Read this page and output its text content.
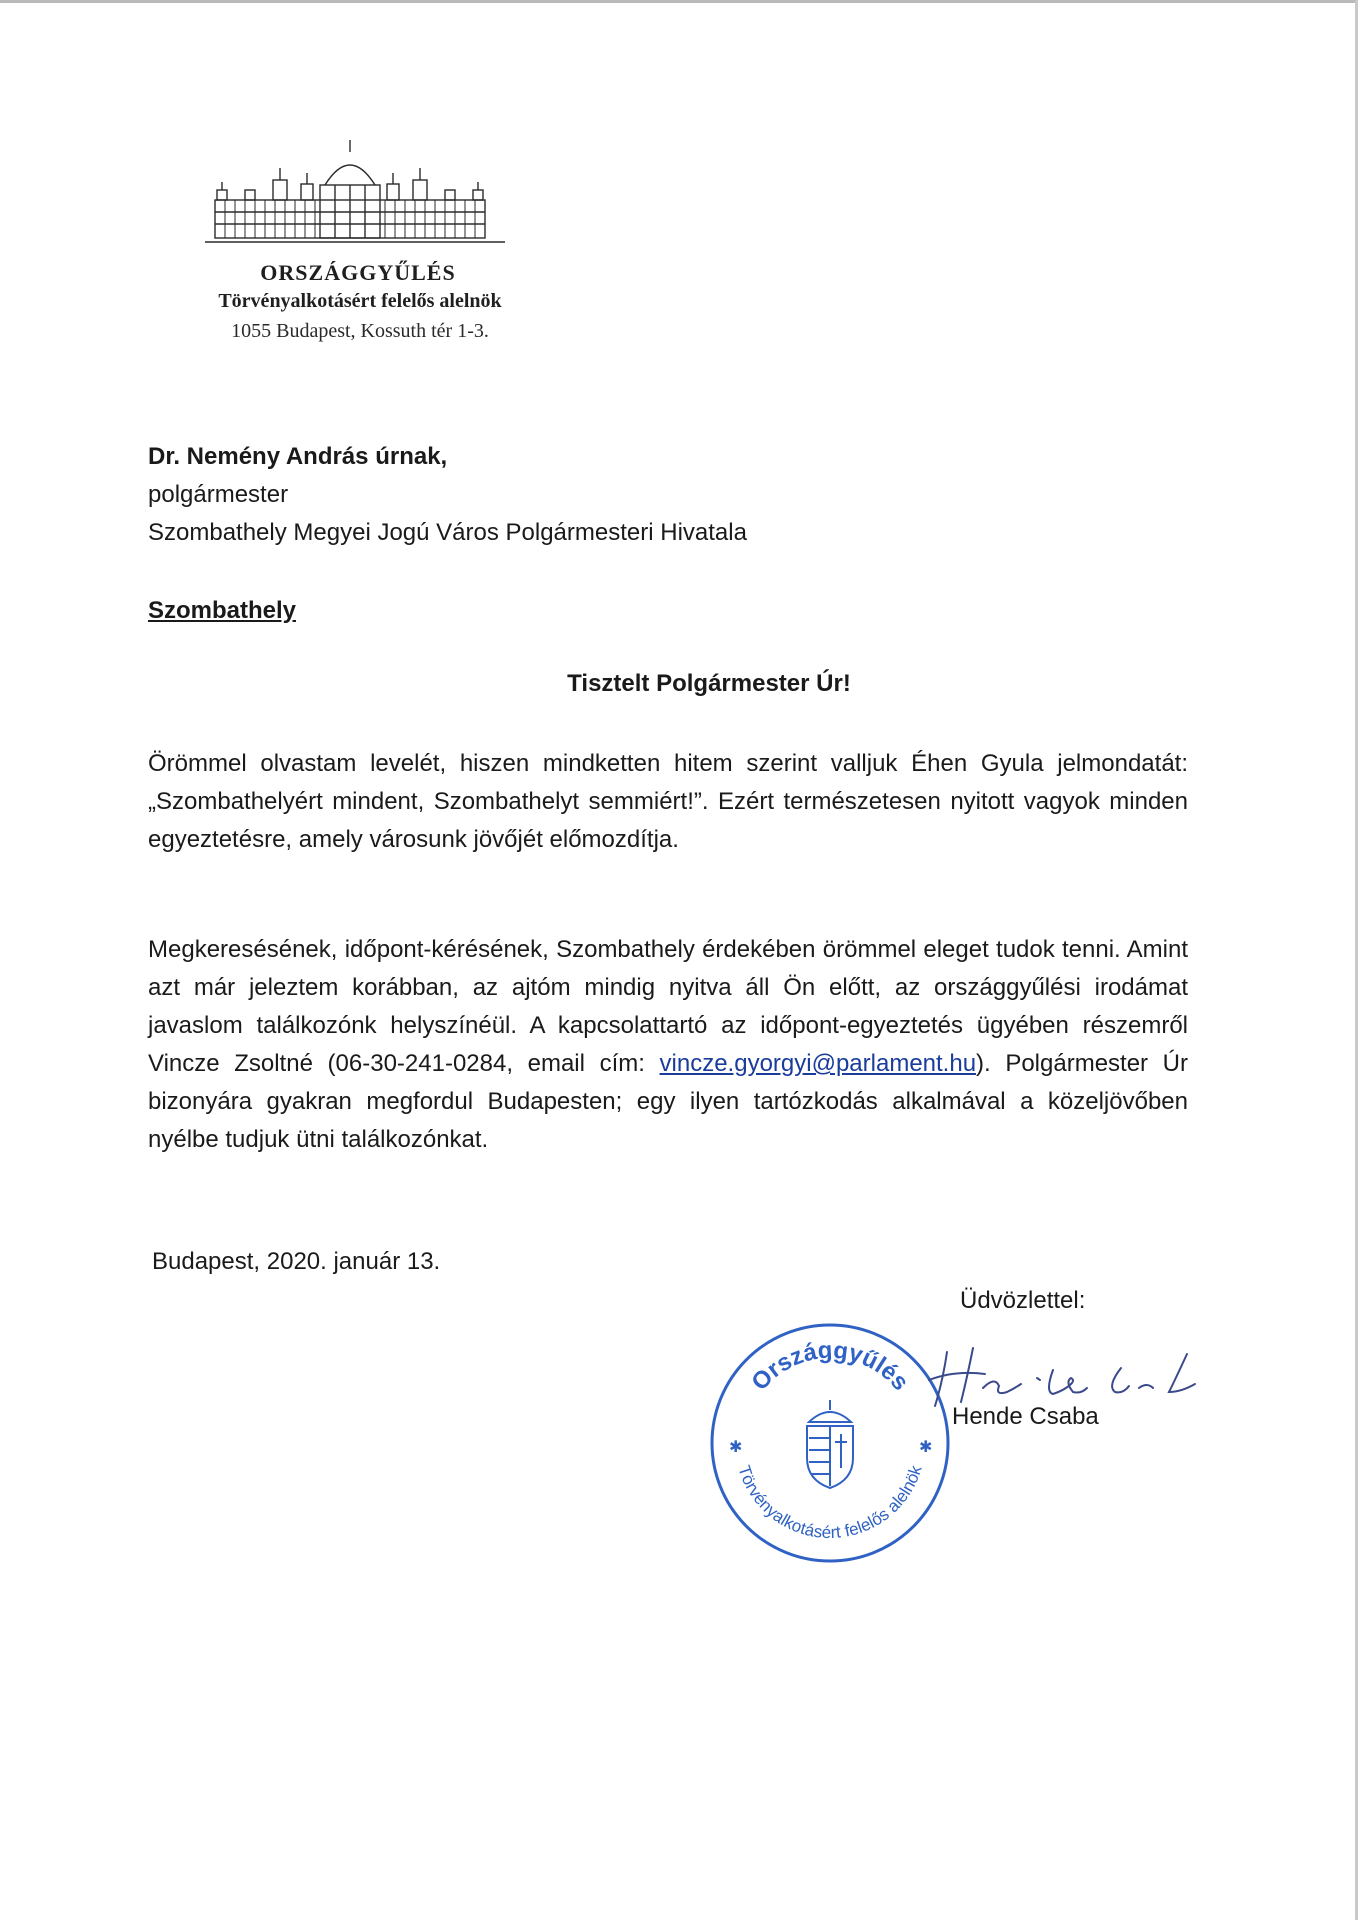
ORSZÁGGYŰLÉS
Törvényalkotásért felelős alelnök
1055 Budapest, Kossuth tér 1-3.
Dr. Nemény András úrnak,
polgármester
Szombathely Megyei Jogú Város Polgármesteri Hivatala
Szombathely
Tisztelt Polgármester Úr!

Örömmel olvastam levelét, hiszen mindketten hitem szerint valljuk Éhen Gyula jelmondatát: „Szombathelyért mindent, Szombathelyt semmiért!”. Ezért természetesen nyitott vagyok minden egyeztetésre, amely városunk jövőjét előmozdítja.

Megkeresésének, időpont-kérésének, Szombathely érdekében örömmel eleget tudok tenni. Amint azt már jeleztem korábban, az ajtóm mindig nyitva áll Ön előtt, az országgyűlési irodámat javaslom találkozónk helyszínéül. A kapcsolattartó az időpont-egyeztetés ügyében részemről Vincze Zsoltné (06-30-241-0284, email cím: vincze.gyorgyi@parlament.hu). Polgármester Úr bizonyára gyakran megfordul Budapesten; egy ilyen tartózkodás alkalmával a közeljövőben nyélbe tudjuk ütni találkozónkat.

Budapest, 2020. január 13.
Üdvözlettel:
Országgyűlés
Törvényalkotásért felelős alelnök
✱	✱
Hende Csaba
